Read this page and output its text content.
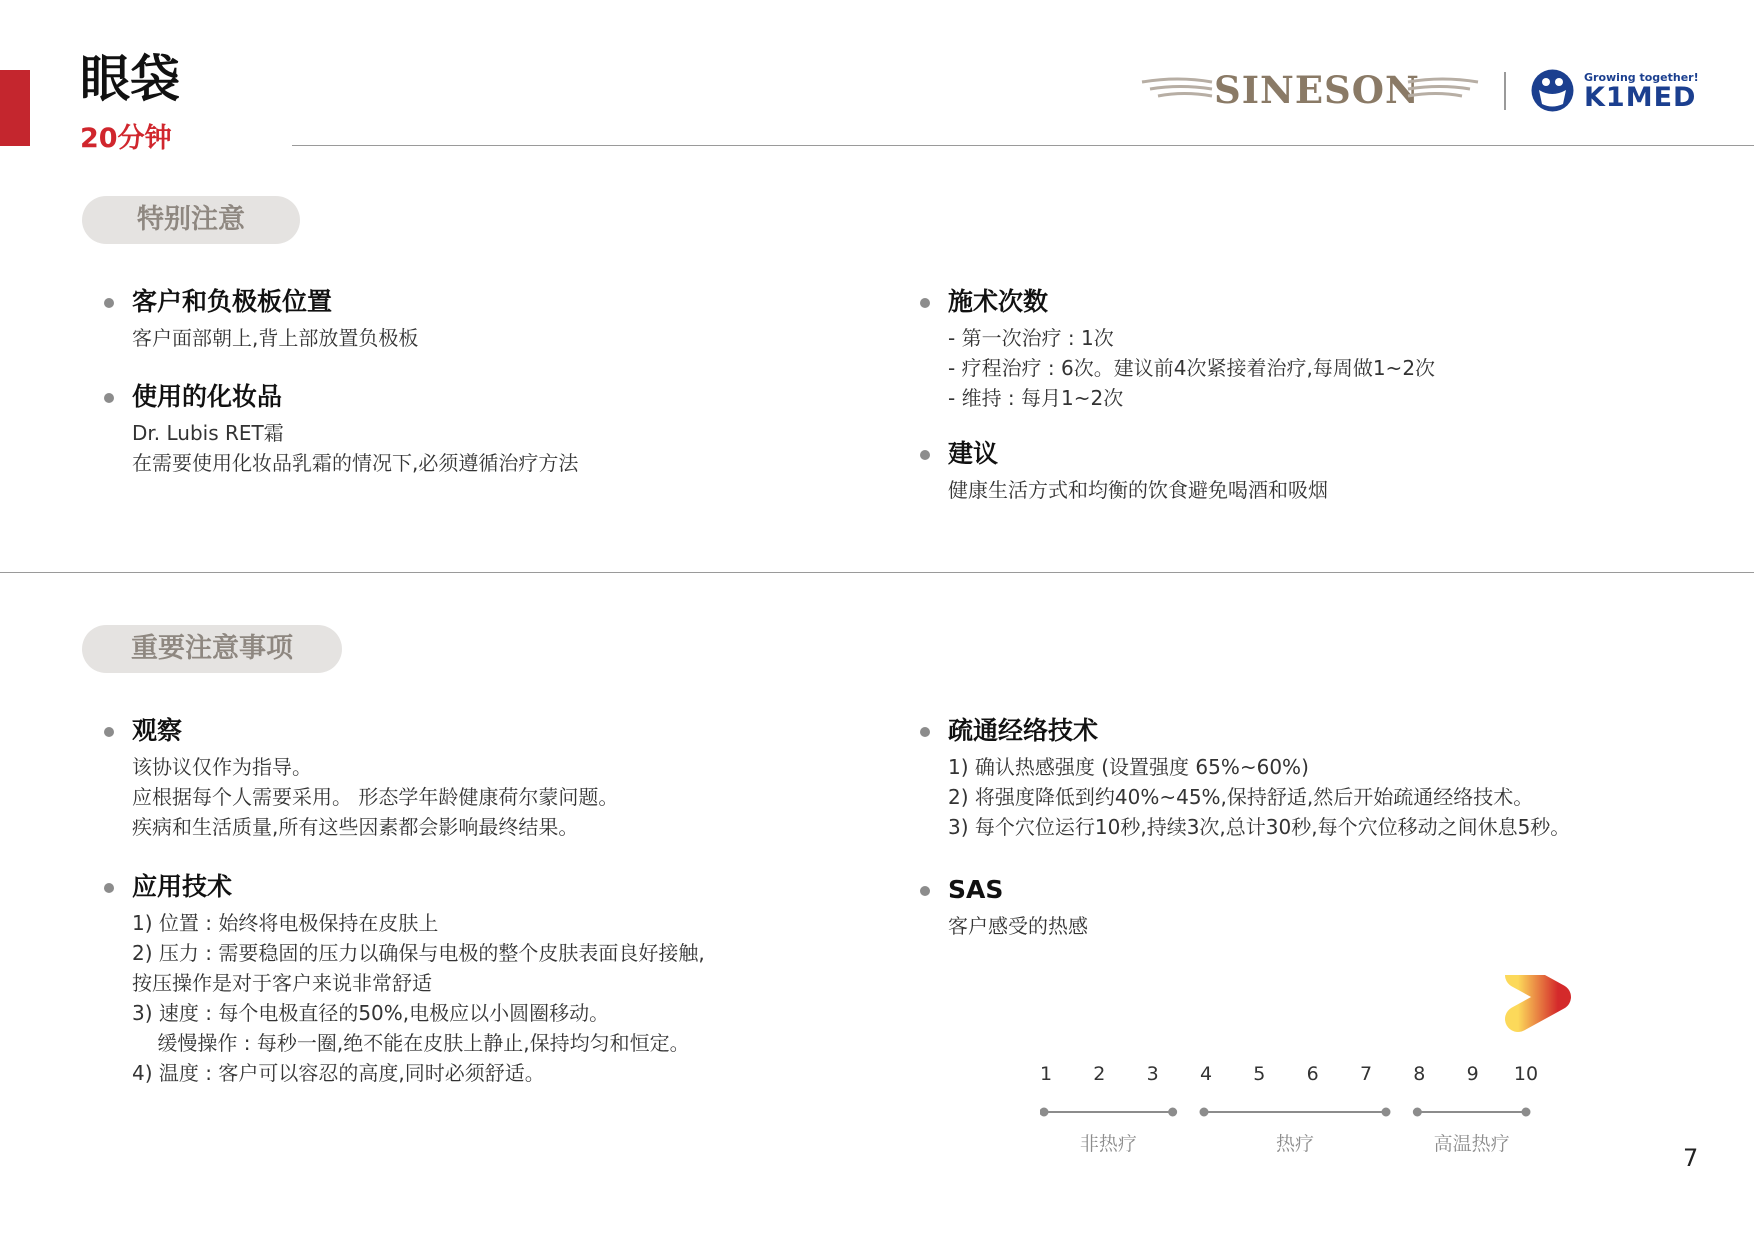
眼袋
20分钟
SINESON	Growing together!
K1MED
特别注意
客户和负极板位置
客户面部朝上,背上部放置负极板
使用的化妆品
Dr. Lubis RET霜
在需要使用化妆品乳霜的情况下,必须遵循治疗方法
施术次数
- 第一次治疗 : 1次
- 疗程治疗 : 6次。建议前4次紧接着治疗,每周做1~2次
- 维持 : 每月1~2次
建议
健康生活方式和均衡的饮食避免喝酒和吸烟
重要注意事项
观察
该协议仅作为指导。
应根据每个人需要采用。 形态学年龄健康荷尔蒙问题。
疾病和生活质量,所有这些因素都会影响最终结果。
应用技术
1) 位置 : 始终将电极保持在皮肤上
2) 压力 : 需要稳固的压力以确保与电极的整个皮肤表面良好接触,
按压操作是对于客户来说非常舒适
3) 速度 : 每个电极直径的50%,电极应以小圆圈移动。
缓慢操作 : 每秒一圈,绝不能在皮肤上静止,保持均匀和恒定。
4) 温度 : 客户可以容忍的高度,同时必须舒适。
疏通经络技术
1) 确认热感强度 (设置强度 65%~60%)
2) 将强度降低到约40%~45%,保持舒适,然后开始疏通经络技术。
3) 每个穴位运行10秒,持续3次,总计30秒,每个穴位移动之间休息5秒。
SAS
客户感受的热感
1 2 3 4 5 6 7 8 9 10
非热疗	热疗	高温热疗	7
